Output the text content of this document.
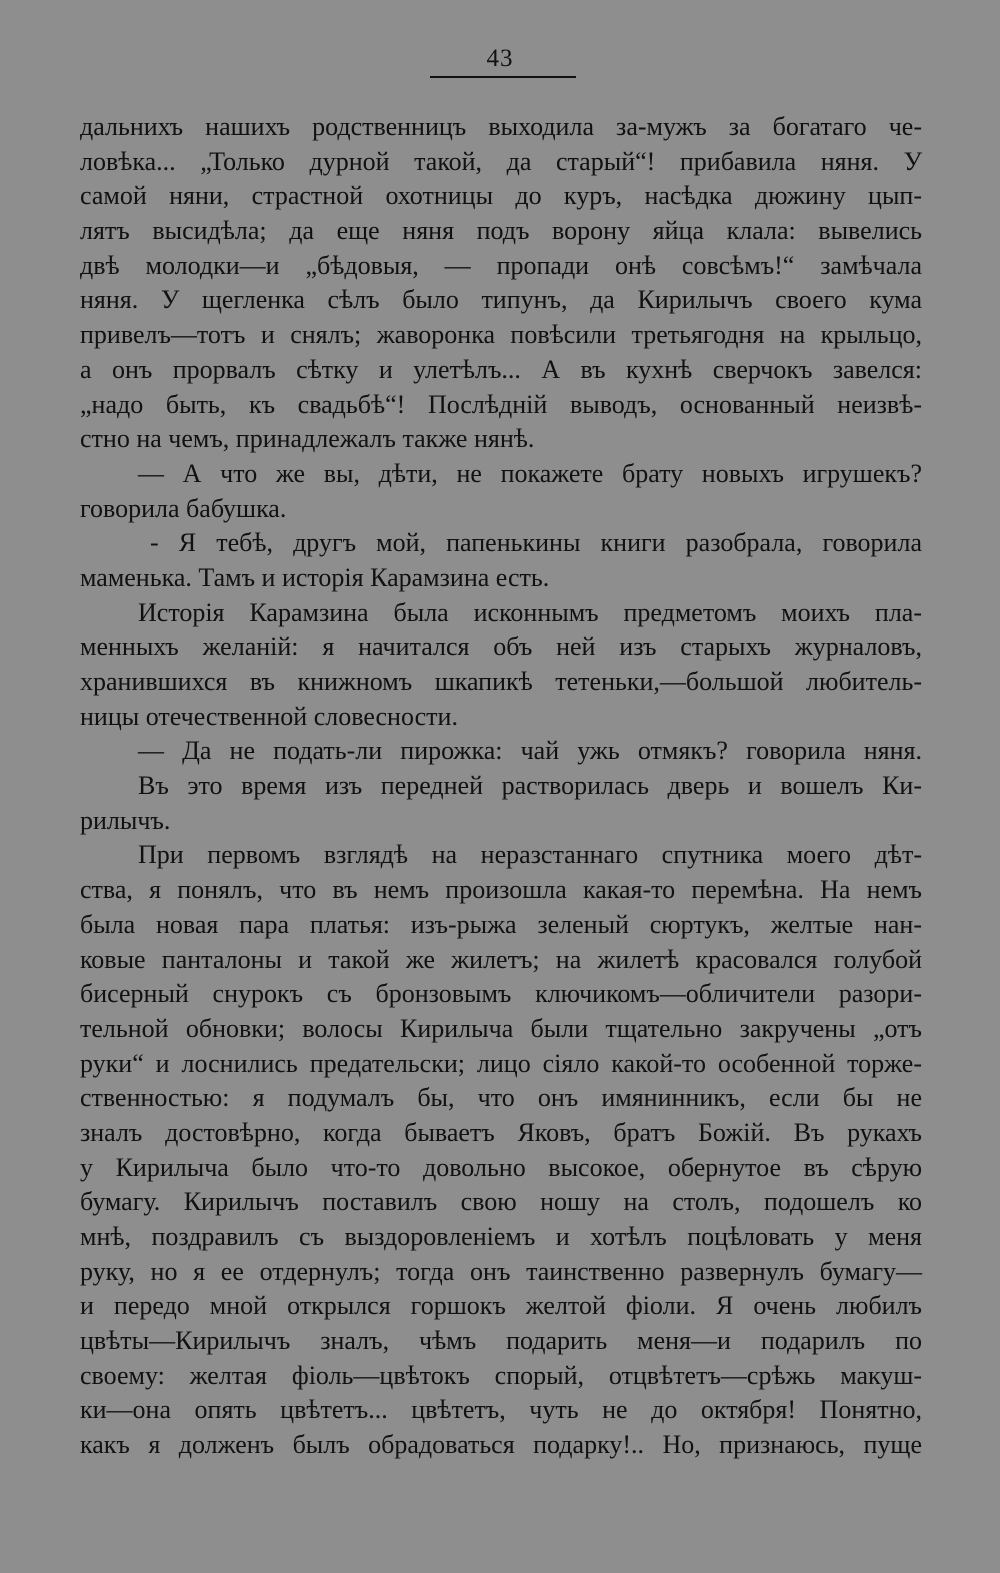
43
дальнихъ нашихъ родственницъ выходила за-мужъ за богатаго че-
ловѣка... „Только дурной такой, да старый“! прибавила няня. У
самой няни, страстной охотницы до куръ, насѣдка дюжину цып-
лятъ высидѣла; да еще няня подъ ворону яйца клала: вывелись
двѣ молодки—и „бѣдовыя, — пропади онѣ совсѣмъ!“ замѣчала
няня. У щегленка сѣлъ было типунъ, да Кирилычъ своего кума
привелъ—тотъ и снялъ; жаворонка повѣсили третьягодня на крыльцо,
а онъ прорвалъ сѣтку и улетѣлъ... А въ кухнѣ сверчокъ завелся:
„надо быть, къ свадьбѣ“! Послѣдній выводъ, основанный неизвѣ-
стно на чемъ, принадлежалъ также нянѣ.
— А что же вы, дѣти, не покажете брату новыхъ игрушекъ?
говорила бабушка.
- Я тебѣ, другъ мой, папенькины книги разобрала, говорила
маменька. Тамъ и исторія Карамзина есть.
Исторія Карамзина была исконнымъ предметомъ моихъ пла-
менныхъ желаній: я начитался объ ней изъ старыхъ журналовъ,
хранившихся въ книжномъ шкапикѣ тетеньки,—большой любитель-
ницы отечественной словесности.
— Да не подать-ли пирожка: чай ужь отмякъ? говорила няня.
Въ это время изъ передней растворилась дверь и вошелъ Ки-
рилычъ.
При первомъ взглядѣ на неразстаннаго спутника моего дѣт-
ства, я понялъ, что въ немъ произошла какая-то перемѣна. На немъ
была новая пара платья: изъ-рыжа зеленый сюртукъ, желтые нан-
ковые панталоны и такой же жилетъ; на жилетѣ красовался голубой
бисерный снурокъ съ бронзовымъ ключикомъ—обличители разори-
тельной обновки; волосы Кирилыча были тщательно закручены „отъ
руки“ и лоснились предательски; лицо сіяло какой-то особенной торже-
ственностью: я подумалъ бы, что онъ имянинникъ, если бы не
зналъ достовѣрно, когда бываетъ Яковъ, братъ Божій. Въ рукахъ
у Кирилыча было что-то довольно высокое, обернутое въ сѣрую
бумагу. Кирилычъ поставилъ свою ношу на столъ, подошелъ ко
мнѣ, поздравилъ съ выздоровленіемъ и хотѣлъ поцѣловать у меня
руку, но я ее отдернулъ; тогда онъ таинственно развернулъ бумагу—
и передо мной открылся горшокъ желтой фіоли. Я очень любилъ
цвѣты—Кирилычъ зналъ, чѣмъ подарить меня—и подарилъ по
своему: желтая фіоль—цвѣтокъ спорый, отцвѣтетъ—срѣжь макуш-
ки—она опять цвѣтетъ... цвѣтетъ, чуть не до октября! Понятно,
какъ я долженъ былъ обрадоваться подарку!.. Но, признаюсь, пуще
